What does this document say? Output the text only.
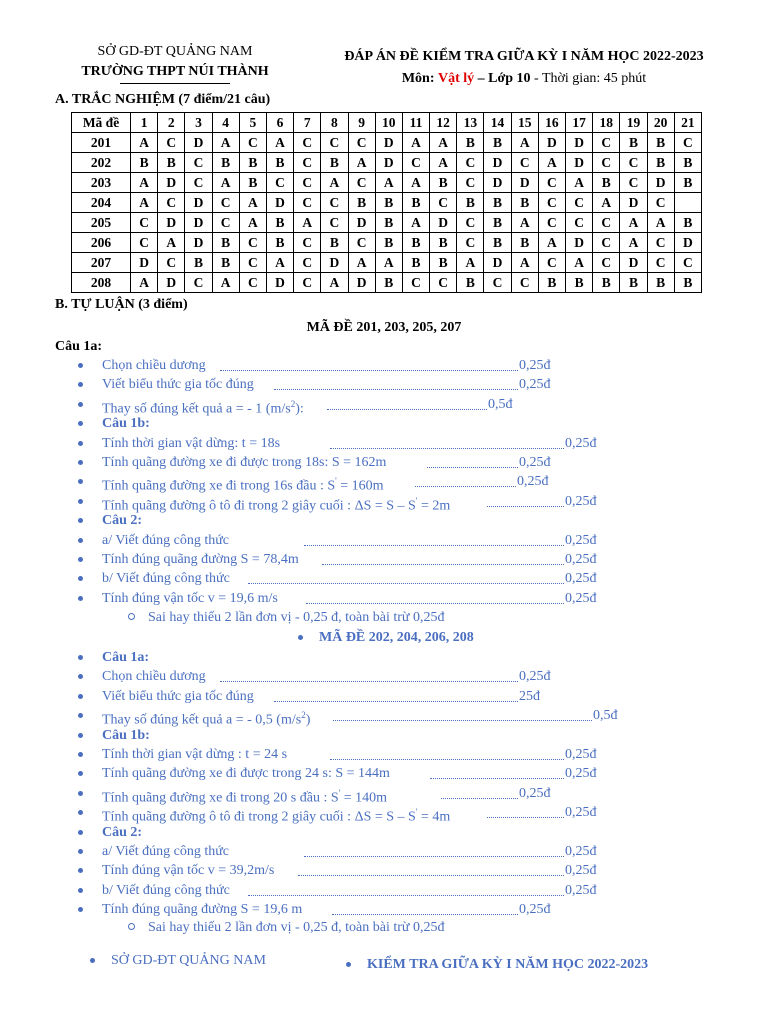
SỞ GD-ĐT QUẢNG NAM
TRƯỜNG THPT NÚI THÀNH
ĐÁP ÁN ĐỀ KIỂM TRA GIỮA KỲ I NĂM HỌC 2022-2023
Môn: Vật lý – Lớp 10 - Thời gian: 45 phút
A. TRẮC NGHIỆM (7 điểm/21 câu)
Mã đề	1	2	3	4	5	6	7	8	9	10	11	12	13	14	15	16	17	18	19	20	21
201	A	C	D	A	C	A	C	C	C	D	A	A	B	B	A	D	D	C	B	B	C
202	B	B	C	B	B	B	C	B	A	D	C	A	C	D	C	A	D	C	C	B	B
203	A	D	C	A	B	C	C	A	C	A	A	B	C	D	D	C	A	B	C	D	B
204	A	C	D	C	A	D	C	C	B	B	B	C	B	B	B	C	C	A	D	C	
205	C	D	D	C	A	B	A	C	D	B	A	D	C	B	A	C	C	C	A	A	B
206	C	A	D	B	C	B	C	B	C	B	B	B	C	B	B	A	D	C	A	C	D
207	D	C	B	B	C	A	C	D	A	A	B	B	A	D	A	C	A	C	D	C	C
208	A	D	C	A	C	D	C	A	D	B	C	C	B	C	C	B	B	B	B	B	B
B. TỰ LUẬN (3 điểm)
MÃ ĐỀ 201, 203, 205, 207
Câu 1a:
Chọn chiều dương	0,25đ
Viết biểu thức gia tốc đúng	0,25đ
Thay số đúng kết quả a = - 1 $(m/s^2)$:	0,5đ
Câu 1b:
Tính thời gian vật dừng: t = 18s	0,25đ
Tính quãng đường xe đi được trong 18s: S = 162m	0,25đ
Tính quãng đường xe đi trong 16s đầu : S' = 160m	0,25đ
Tính quãng đường ô tô đi trong 2 giây cuối : ΔS = S – S' = 2m	0,25đ
Câu 2:
a/ Viết đúng công thức	0,25đ
Tính đúng quãng đường S = 78,4m	0,25đ
b/ Viết đúng công thức	0,25đ
Tính đúng vận tốc v = 19,6 m/s	0,25đ
Sai hay thiếu 2 lần đơn vị - 0,25 đ, toàn bài trừ 0,25đ
MÃ ĐỀ 202, 204, 206, 208
Câu 1a:
Chọn chiều dương	0,25đ
Viết biểu thức gia tốc đúng	25đ
Thay số đúng kết quả a = - 0,5 $(m/s^2)$	0,5đ
Câu 1b:
Tính thời gian vật dừng : t = 24 s	0,25đ
Tính quãng đường xe đi được trong 24 s: S = 144m	0,25đ
Tính quãng đường xe đi trong 20 s đầu : S' = 140m	0,25đ
Tính quãng đường ô tô đi trong 2 giây cuối : ΔS = S – S' = 4m	0,25đ
Câu 2:
a/ Viết đúng công thức	0,25đ
Tính đúng vận tốc v = 39,2m/s	0,25đ
b/ Viết đúng công thức	0,25đ
Tính đúng quãng đường S = 19,6 m	0,25đ
Sai hay thiếu 2 lần đơn vị - 0,25 đ, toàn bài trừ 0,25đ
SỞ GD-ĐT QUẢNG NAM	KIỂM TRA GIỮA KỲ I NĂM HỌC 2022-2023
